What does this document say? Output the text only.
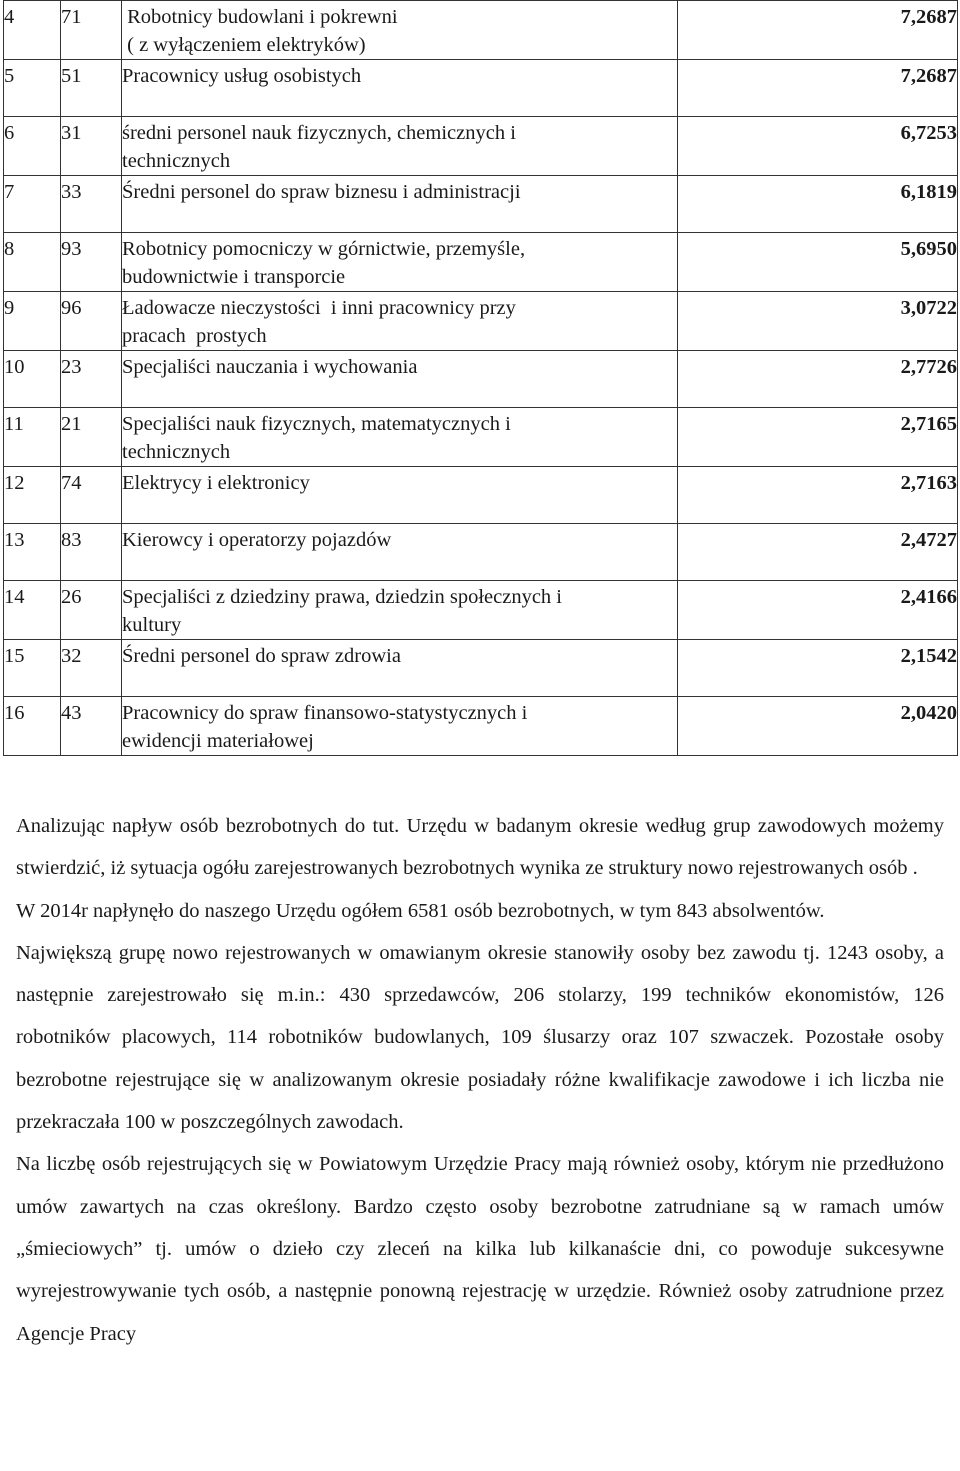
4	71	Robotnicy budowlani i pokrewni
( z wyłączeniem elektryków)	7,2687

5	51	Pracownicy usług osobistych	7,2687

6	31	średni personel nauk fizycznych, chemicznych i
technicznych	6,7253

7	33	Średni personel do spraw biznesu i administracji	6,1819

8	93	Robotnicy pomocniczy w górnictwie, przemyśle,
budownictwie i transporcie	5,6950

9	96	Ładowacze nieczystości  i inni pracownicy przy
pracach  prostych	3,0722

10	23	Specjaliści nauczania i wychowania	2,7726

11	21	Specjaliści nauk fizycznych, matematycznych i
technicznych	2,7165

12	74	Elektrycy i elektronicy	2,7163

13	83	Kierowcy i operatorzy pojazdów	2,4727

14	26	Specjaliści z dziedziny prawa, dziedzin społecznych i
kultury	2,4166

15	32	Średni personel do spraw zdrowia	2,1542

16	43	Pracownicy do spraw finansowo-statystycznych i
ewidencji materiałowej	2,0420

Analizując napływ osób bezrobotnych do tut. Urzędu w badanym okresie według grup zawodowych możemy stwierdzić, iż sytuacja ogółu zarejestrowanych bezrobotnych wynika ze struktury nowo rejestrowanych osób .

W 2014r napłynęło do naszego Urzędu ogółem 6581 osób bezrobotnych, w tym 843 absolwentów.

Największą grupę nowo rejestrowanych w omawianym okresie stanowiły osoby bez zawodu tj. 1243 osoby, a następnie zarejestrowało się m.in.: 430 sprzedawców, 206 stolarzy, 199 techników ekonomistów, 126 robotników placowych, 114 robotników budowlanych, 109 ślusarzy oraz 107 szwaczek. Pozostałe osoby bezrobotne rejestrujące się w analizowanym okresie posiadały różne kwalifikacje zawodowe i ich liczba nie przekraczała 100 w poszczególnych zawodach.

Na liczbę osób rejestrujących się w Powiatowym Urzędzie Pracy mają również osoby, którym nie przedłużono umów zawartych na czas określony. Bardzo często osoby bezrobotne zatrudniane są w ramach umów „śmieciowych” tj. umów o dzieło czy zleceń na kilka lub kilkanaście dni, co powoduje sukcesywne wyrejestrowywanie tych osób, a następnie ponowną rejestrację w urzędzie. Również osoby zatrudnione przez Agencje Pracy
